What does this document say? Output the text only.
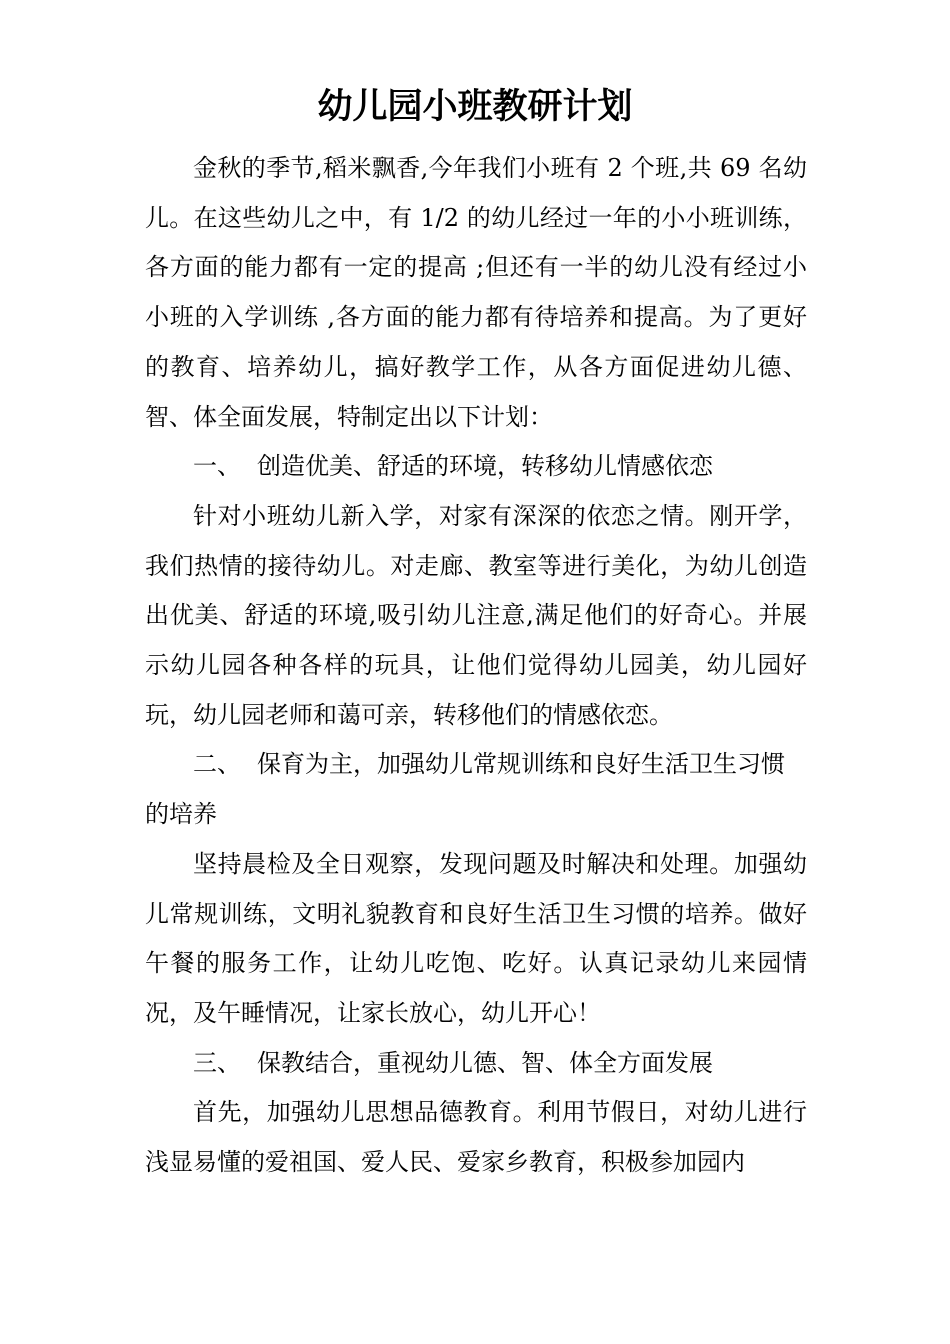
幼儿园小班教研计划

金秋的季节,稻米飘香,今年我们小班有 2 个班,共 69 名幼儿。在这些幼儿之中，有 1/2 的幼儿经过一年的小小班训练，各方面的能力都有一定的提高 ;但还有一半的幼儿没有经过小小班的入学训练 ,各方面的能力都有待培养和提高。为了更好的教育、培养幼儿，搞好教学工作，从各方面促进幼儿德、智、体全面发展，特制定出以下计划：

一、 创造优美、舒适的环境，转移幼儿情感依恋

针对小班幼儿新入学，对家有深深的依恋之情。刚开学，我们热情的接待幼儿。对走廊、教室等进行美化，为幼儿创造出优美、舒适的环境,吸引幼儿注意,满足他们的好奇心。并展示幼儿园各种各样的玩具，让他们觉得幼儿园美，幼儿园好玩，幼儿园老师和蔼可亲，转移他们的情感依恋。

二、 保育为主，加强幼儿常规训练和良好生活卫生习惯的培养

坚持晨检及全日观察，发现问题及时解决和处理。加强幼儿常规训练，文明礼貌教育和良好生活卫生习惯的培养。做好午餐的服务工作，让幼儿吃饱、吃好。认真记录幼儿来园情况，及午睡情况，让家长放心，幼儿开心！

三、 保教结合，重视幼儿德、智、体全方面发展

首先，加强幼儿思想品德教育。利用节假日，对幼儿进行浅显易懂的爱祖国、爱人民、爱家乡教育，积极参加园内
